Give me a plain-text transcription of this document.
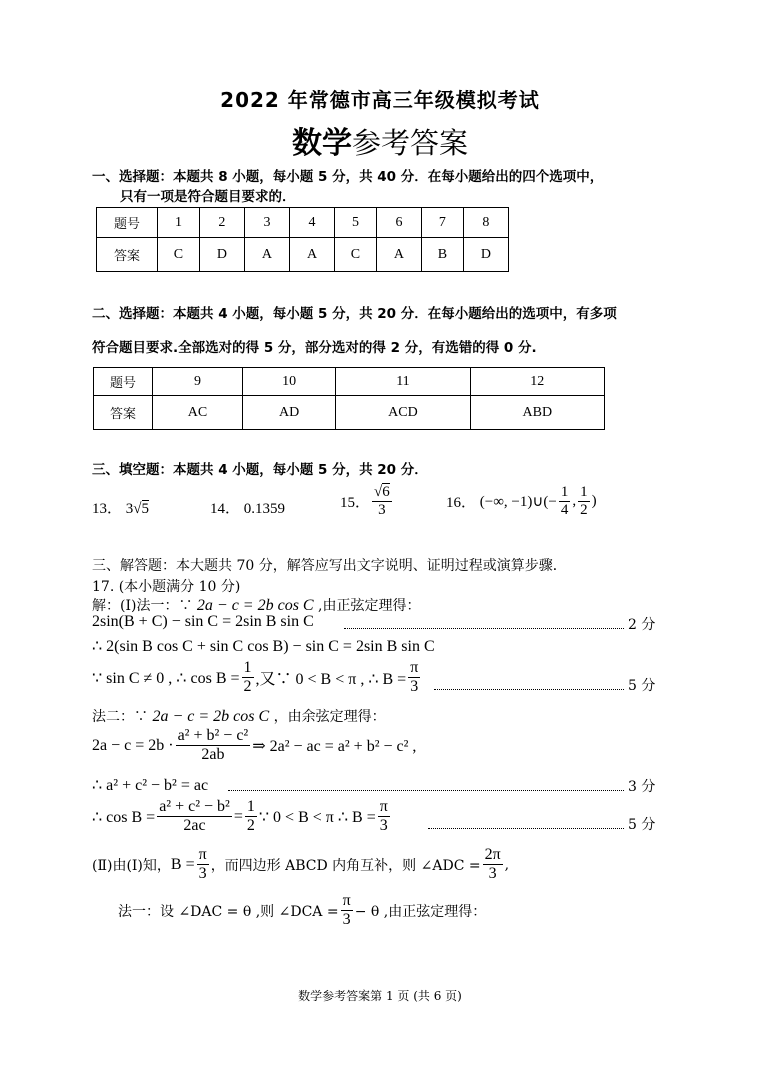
2022 年常德市高三年级模拟考试
数学参考答案
一、选择题：本题共 8 小题，每小题 5 分，共 40 分．在每小题给出的四个选项中，
只有一项是符合题目要求的．
题号	1	2	3	4	5	6	7	8
答案	C	D	A	A	C	A	B	D
二、选择题：本题共 4 小题，每小题 5 分，共 20 分．在每小题给出的选项中，有多项
符合题目要求.全部选对的得 5 分，部分选对的得 2 分，有选错的得 0 分.
题号	9	10	11	12
答案	AC	AD	ACD	ABD
三、填空题：本题共 4 小题，每小题 5 分，共 20 分．
13． 3√5	14． 0.1359	15． $\frac{√6}{3}$	16．
(−∞, −1)∪(− $\frac{1}{4}$ , $\frac{1}{2}$ )
三、解答题：本大题共 70 分，解答应写出文字说明、证明过程或演算步骤．
17. (本小题满分 10 分)
解：(Ⅰ)法一：∵ 2a − c = 2b cos C ,由正弦定理得：
2sin(B + C) − sin C = 2sin B sin C	2 分
∴ 2(sin B cos C + sin C cos B) − sin C = 2sin B sin C
∵ sin C ≠ 0 , ∴ $\cos B = \frac{1}{2}$ ,又∵ 0 < B < π , ∴ $B = \frac{\pi}{3}$	5 分
法二：∵ 2a − c = 2b cos C ，由余弦定理得：
$2a - c = 2b \cdot \frac{\text{a² + b² − c²}}{2ab}$ ⇒ 2a² − ac = a² + b² − c² ,
∴ a² + c² − b² = ac	3 分
∴ $\cos B = \frac{\text{a² + c² − b²}}{2ac} = \frac{1}{2}$ ∵ 0 < B < π ∴ $B = \frac{\pi}{3}$	5 分
(Ⅱ)由(Ⅰ)知， $B = \frac{\pi}{3}$ ，而四边形 ABCD 内角互补，则 ∠ADC = $\frac{2\pi}{3}$ ,
法一：设 ∠DAC = θ ,则 ∠DCA = $\frac{\pi}{3} - \theta$ ,由正弦定理得：
数学参考答案第 1 页 (共 6 页)
